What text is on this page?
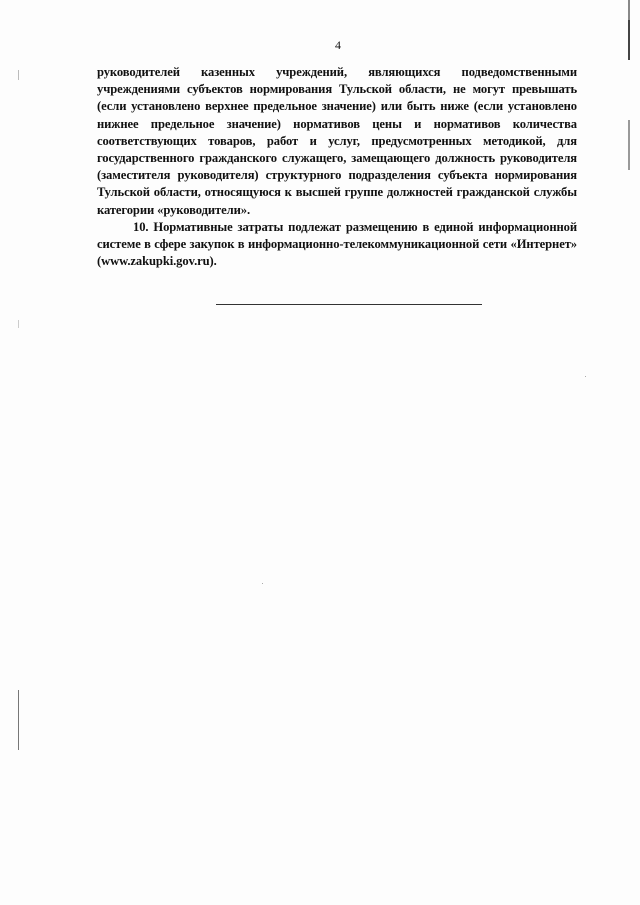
4

руководителей казенных учреждений, являющихся подведомственными учреждениями субъектов нормирования Тульской области, не могут превышать (если установлено верхнее предельное значение) или быть ниже (если установлено нижнее предельное значение) нормативов цены и нормативов количества соответствующих товаров, работ и услуг, предусмотренных методикой, для государственного гражданского служащего, замещающего должность руководителя (заместителя руководителя) структурного подразделения субъекта нормирования Тульской области, относящуюся к высшей группе должностей гражданской службы категории «руководители».

10. Нормативные затраты подлежат размещению в единой информационной системе в сфере закупок в информационно-телекоммуникационной сети «Интернет» (www.zakupki.gov.ru).
